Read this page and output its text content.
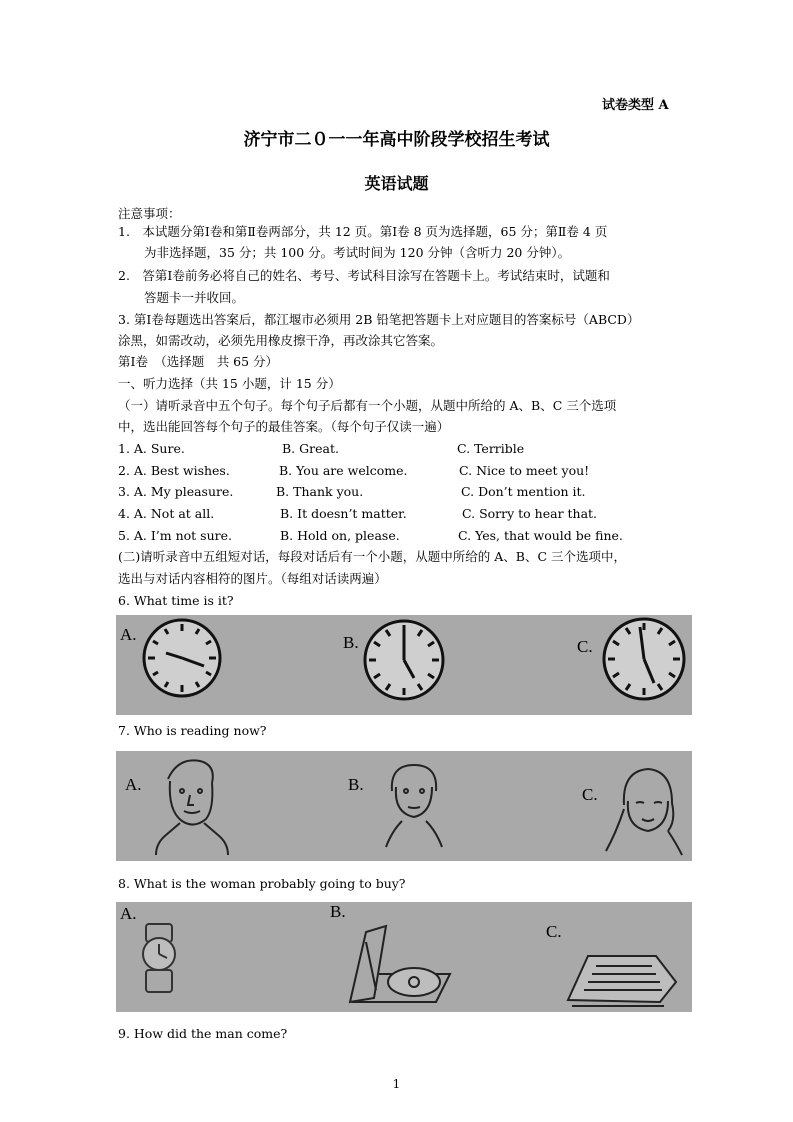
试卷类型 A
济宁市二０一一年高中阶段学校招生考试
英语试题
注意事项：
1.　本试题分第Ⅰ卷和第Ⅱ卷两部分，共 12 页。第Ⅰ卷 8 页为选择题，65 分；第Ⅱ卷 4 页
为非选择题，35 分；共 100 分。考试时间为 120 分钟（含听力 20 分钟）。
2.　答第Ⅰ卷前务必将自己的姓名、考号、考试科目涂写在答题卡上。考试结束时，试题和
答题卡一并收回。
3. 第Ⅰ卷每题选出答案后，都江堰市必须用 2B 铅笔把答题卡上对应题目的答案标号（ABCD）
涂黑，如需改动，必须先用橡皮擦干净，再改涂其它答案。
第Ⅰ卷　（选择题　共 65 分）
一、听力选择（共 15 小题，计 15 分）
（一）请听录音中五个句子。每个句子后都有一个小题，从题中所给的 A、B、C 三个选项
中，选出能回答每个句子的最佳答案。（每个句子仅读一遍）
1. A. Sure.	B. Great.	C. Terrible
2. A. Best wishes.	B. You are welcome.	C. Nice to meet you!
3. A. My pleasure.	B. Thank you.	C. Don’t mention it.
4. A. Not at all.	B. It doesn’t matter.	C. Sorry to hear that.
5. A. I’m not sure.	B. Hold on, please.	C. Yes, that would be fine.
(二)请听录音中五组短对话，每段对话后有一个小题，从题中所给的 A、B、C 三个选项中，
选出与对话内容相符的图片。（每组对话读两遍）
6. What time is it?
A.	B.	C.
7. Who is reading now?
A.	B.
C.
8. What is the woman probably going to buy?
A.	B.
C.
9. How did the man come?
1
